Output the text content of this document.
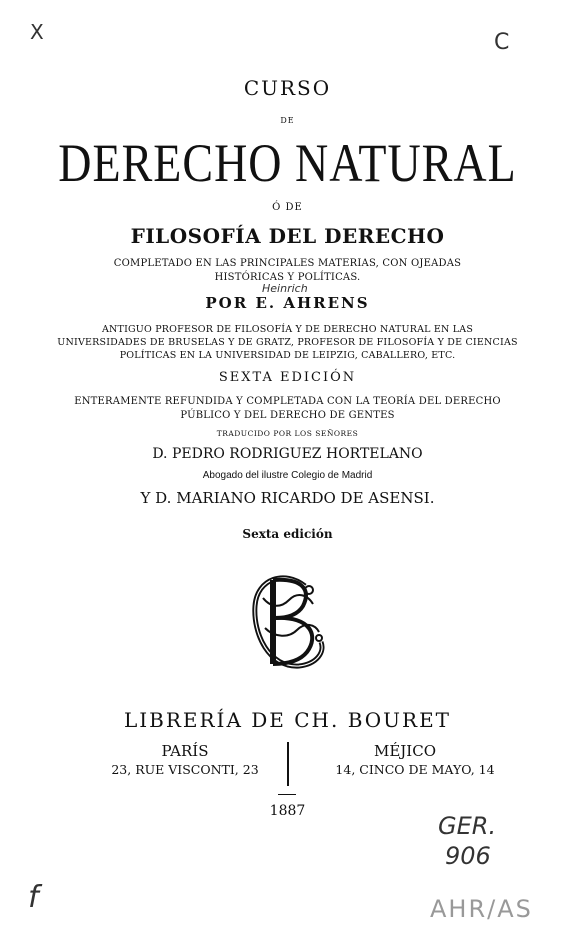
X	C
Heinrich
GER.
906
AHR/AS
f
CURSO
DE
DERECHO NATURAL
Ó DE
FILOSOFÍA DEL DERECHO
COMPLETADO EN LAS PRINCIPALES MATERIAS, CON OJEADAS
HISTÓRICAS Y POLÍTICAS.
POR E. AHRENS
ANTIGUO PROFESOR DE FILOSOFÍA Y DE DERECHO NATURAL EN LAS
UNIVERSIDADES DE BRUSELAS Y DE GRATZ, PROFESOR DE FILOSOFÍA Y DE CIENCIAS
POLÍTICAS EN LA UNIVERSIDAD DE LEIPZIG, CABALLERO, ETC.
SEXTA EDICIÓN
ENTERAMENTE REFUNDIDA Y COMPLETADA CON LA TEORÍA DEL DERECHO
PÚBLICO Y DEL DERECHO DE GENTES
TRADUCIDO POR LOS SEÑORES
D. PEDRO RODRIGUEZ HORTELANO
Abogado del ilustre Colegio de Madrid
Y D. MARIANO RICARDO DE ASENSI.
Sexta edición
LIBRERÍA DE CH. BOURET
PARÍS
23, RUE VISCONTI, 23
MÉJICO
14, CINCO DE MAYO, 14
1887
